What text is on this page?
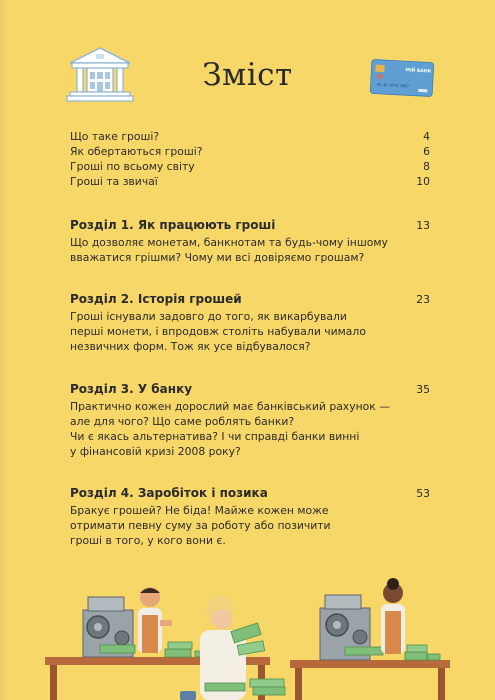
Зміст	МІЙ БАНК
45 45 9773 2017
Що таке гроші?	4
Як обертаються гроші?	6
Гроші по всьому світу	8
Гроші та звичаї	10
Розділ 1. Як працюють гроші	13
Що дозволяє монетам, банкнотам та будь-чому іншому
вважатися грішми? Чому ми всі довіряємо грошам?
Розділ 2. Історія грошей	23
Гроші існували задовго до того, як викарбували
перші монети, і впродовж століть набували чимало
незвичних форм. Тож як усе відбувалося?
Розділ 3. У банку	35
Практично кожен дорослий має банківський рахунок —
але для чого? Що саме роблять банки?
Чи є якась альтернатива? І чи справді банки винні
у фінансовій кризі 2008 року?
Розділ 4. Заробіток і позика	53
Бракує грошей? Не біда! Майже кожен може
отримати певну суму за роботу або позичити
гроші в того, у кого вони є.
